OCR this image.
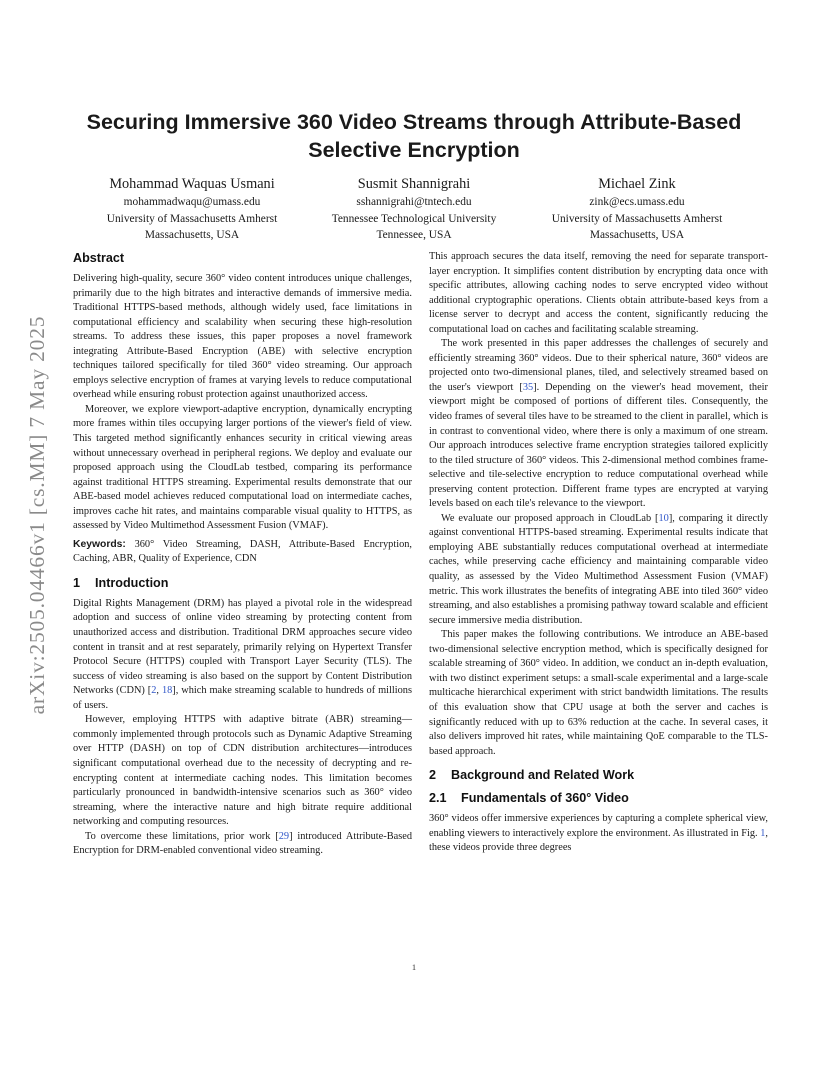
arXiv:2505.04466v1 [cs.MM] 7 May 2025
Securing Immersive 360 Video Streams through Attribute-Based
Selective Encryption
Mohammad Waquas Usmani
mohammadwaqu@umass.edu
University of Massachusetts Amherst
Massachusetts, USA
Susmit Shannigrahi
sshannigrahi@tntech.edu
Tennessee Technological University
Tennessee, USA
Michael Zink
zink@ecs.umass.edu
University of Massachusetts Amherst
Massachusetts, USA
Abstract

Delivering high-quality, secure 360° video content introduces unique challenges, primarily due to the high bitrates and interactive demands of immersive media. Traditional HTTPS-based methods, although widely used, face limitations in computational efficiency and scalability when securing these high-resolution streams. To address these issues, this paper proposes a novel framework integrating Attribute-Based Encryption (ABE) with selective encryption techniques tailored specifically for tiled 360° video streaming. Our approach employs selective encryption of frames at varying levels to reduce computational overhead while ensuring robust protection against unauthorized access.

Moreover, we explore viewport-adaptive encryption, dynamically encrypting more frames within tiles occupying larger portions of the viewer's field of view. This targeted method significantly enhances security in critical viewing areas without unnecessary overhead in peripheral regions. We deploy and evaluate our proposed approach using the CloudLab testbed, comparing its performance against traditional HTTPS streaming. Experimental results demonstrate that our ABE-based model achieves reduced computational load on intermediate caches, improves cache hit rates, and maintains comparable visual quality to HTTPS, as assessed by Video Multimethod Assessment Fusion (VMAF).

Keywords: 360° Video Streaming, DASH, Attribute-Based Encryption, Caching, ABR, Quality of Experience, CDN

1 Introduction

Digital Rights Management (DRM) has played a pivotal role in the widespread adoption and success of online video streaming by protecting content from unauthorized access and distribution. Traditional DRM approaches secure video content in transit and at rest separately, primarily relying on Hypertext Transfer Protocol Secure (HTTPS) coupled with Transport Layer Security (TLS). The success of video streaming is also based on the support by Content Distribution Networks (CDN) [2, 18], which make streaming scalable to hundreds of millions of users.

However, employing HTTPS with adaptive bitrate (ABR) streaming—commonly implemented through protocols such as Dynamic Adaptive Streaming over HTTP (DASH) on top of CDN distribution architectures—introduces significant computational overhead due to the necessity of decrypting and re-encrypting content at intermediate caching nodes. This limitation becomes particularly pronounced in bandwidth-intensive scenarios such as 360° video streaming, where the interactive nature and high bitrate require additional networking and computing resources.

To overcome these limitations, prior work [29] introduced Attribute-Based Encryption for DRM-enabled conventional video streaming.

This approach secures the data itself, removing the need for separate transport-layer encryption. It simplifies content distribution by encrypting data once with specific attributes, allowing caching nodes to serve encrypted video without additional cryptographic operations. Clients obtain attribute-based keys from a license server to decrypt and access the content, significantly reducing the computational load on caches and facilitating scalable streaming.

The work presented in this paper addresses the challenges of securely and efficiently streaming 360° videos. Due to their spherical nature, 360° videos are projected onto two-dimensional planes, tiled, and selectively streamed based on the user's viewport [35]. Depending on the viewer's head movement, their viewport might be composed of portions of different tiles. Consequently, the video frames of several tiles have to be streamed to the client in parallel, which is in contrast to conventional video, where there is only a maximum of one stream. Our approach introduces selective frame encryption strategies tailored explicitly to the tiled structure of 360° videos. This 2-dimensional method combines frame-selective and tile-selective encryption to reduce computational overhead while preserving content protection. Different frame types are encrypted at varying levels based on each tile's relevance to the viewport.

We evaluate our proposed approach in CloudLab [10], comparing it directly against conventional HTTPS-based streaming. Experimental results indicate that employing ABE substantially reduces computational overhead at intermediate caches, while preserving cache efficiency and maintaining comparable video quality, as assessed by the Video Multimethod Assessment Fusion (VMAF) metric. This work illustrates the benefits of integrating ABE into tiled 360° video streaming, and also establishes a promising pathway toward scalable and efficient secure immersive media distribution.

This paper makes the following contributions. We introduce an ABE-based two-dimensional selective encryption method, which is specifically designed for scalable streaming of 360° video. In addition, we conduct an in-depth evaluation, with two distinct experiment setups: a small-scale experimental and a large-scale multicache hierarchical experiment with strict bandwidth limitations. The results of this evaluation show that CPU usage at both the server and caches is significantly reduced with up to 63% reduction at the cache. In several cases, it also delivers improved hit rates, while maintaining QoE comparable to the TLS-based approach.

2 Background and Related Work
2.1 Fundamentals of 360° Video

360° videos offer immersive experiences by capturing a complete spherical view, enabling viewers to interactively explore the environment. As illustrated in Fig. 1, these videos provide three degrees

1
